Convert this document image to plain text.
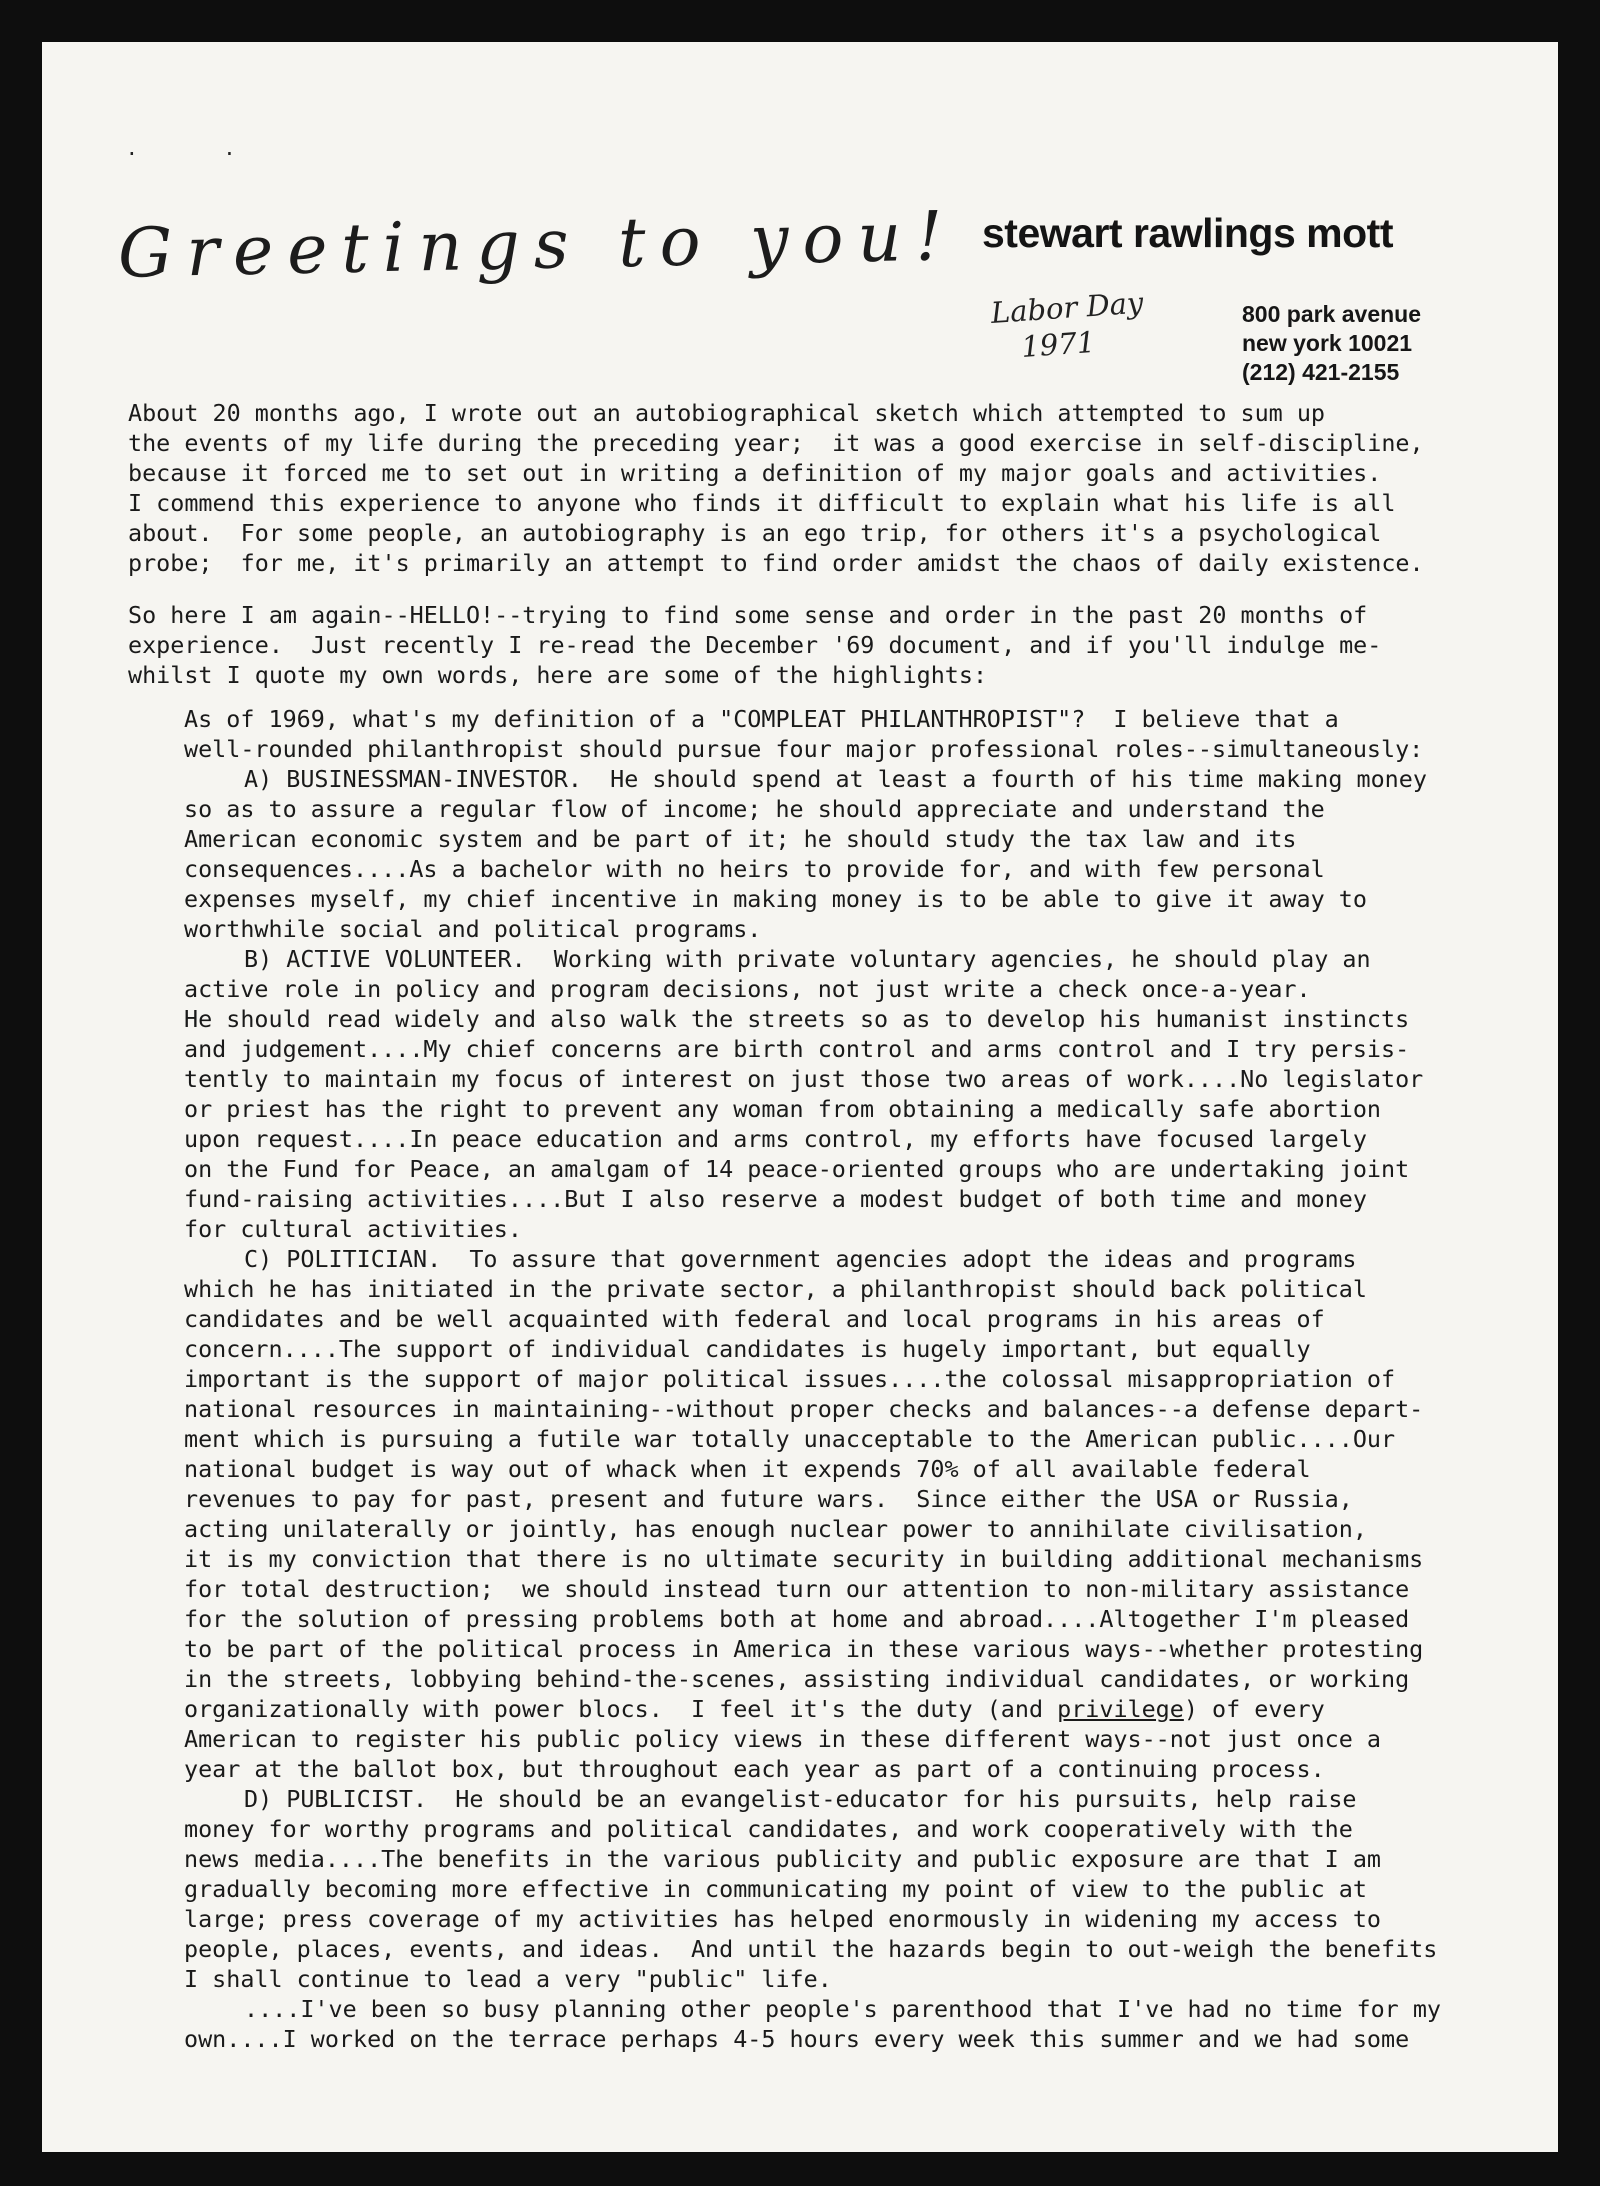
··
Greetings to you! stewart rawlings mott
Labor Day
1971
800 park avenue
new york 10021
(212) 421-2155
About 20 months ago, I wrote out an autobiographical sketch which attempted to sum up
the events of my life during the preceding year;  it was a good exercise in self-discipline,
because it forced me to set out in writing a definition of my major goals and activities.
I commend this experience to anyone who finds it difficult to explain what his life is all
about.  For some people, an autobiography is an ego trip, for others it's a psychological
probe;  for me, it's primarily an attempt to find order amidst the chaos of daily existence.
So here I am again--HELLO!--trying to find some sense and order in the past 20 months of
experience.  Just recently I re-read the December '69 document, and if you'll indulge me-
whilst I quote my own words, here are some of the highlights:
As of 1969, what's my definition of a "COMPLEAT PHILANTHROPIST"?  I believe that a
well-rounded philanthropist should pursue four major professional roles--simultaneously:
A) BUSINESSMAN-INVESTOR.  He should spend at least a fourth of his time making money
so as to assure a regular flow of income; he should appreciate and understand the
American economic system and be part of it; he should study the tax law and its
consequences....As a bachelor with no heirs to provide for, and with few personal
expenses myself, my chief incentive in making money is to be able to give it away to
worthwhile social and political programs.
B) ACTIVE VOLUNTEER.  Working with private voluntary agencies, he should play an
active role in policy and program decisions, not just write a check once-a-year.
He should read widely and also walk the streets so as to develop his humanist instincts
and judgement....My chief concerns are birth control and arms control and I try persis-
tently to maintain my focus of interest on just those two areas of work....No legislator
or priest has the right to prevent any woman from obtaining a medically safe abortion
upon request....In peace education and arms control, my efforts have focused largely
on the Fund for Peace, an amalgam of 14 peace-oriented groups who are undertaking joint
fund-raising activities....But I also reserve a modest budget of both time and money
for cultural activities.
C) POLITICIAN.  To assure that government agencies adopt the ideas and programs
which he has initiated in the private sector, a philanthropist should back political
candidates and be well acquainted with federal and local programs in his areas of
concern....The support of individual candidates is hugely important, but equally
important is the support of major political issues....the colossal misappropriation of
national resources in maintaining--without proper checks and balances--a defense depart-
ment which is pursuing a futile war totally unacceptable to the American public....Our
national budget is way out of whack when it expends 70% of all available federal
revenues to pay for past, present and future wars.  Since either the USA or Russia,
acting unilaterally or jointly, has enough nuclear power to annihilate civilisation,
it is my conviction that there is no ultimate security in building additional mechanisms
for total destruction;  we should instead turn our attention to non-military assistance
for the solution of pressing problems both at home and abroad....Altogether I'm pleased
to be part of the political process in America in these various ways--whether protesting
in the streets, lobbying behind-the-scenes, assisting individual candidates, or working
organizationally with power blocs.  I feel it's the duty (and privilege) of every
American to register his public policy views in these different ways--not just once a
year at the ballot box, but throughout each year as part of a continuing process.
D) PUBLICIST.  He should be an evangelist-educator for his pursuits, help raise
money for worthy programs and political candidates, and work cooperatively with the
news media....The benefits in the various publicity and public exposure are that I am
gradually becoming more effective in communicating my point of view to the public at
large; press coverage of my activities has helped enormously in widening my access to
people, places, events, and ideas.  And until the hazards begin to out-weigh the benefits
I shall continue to lead a very "public" life.
....I've been so busy planning other people's parenthood that I've had no time for my
own....I worked on the terrace perhaps 4-5 hours every week this summer and we had some
